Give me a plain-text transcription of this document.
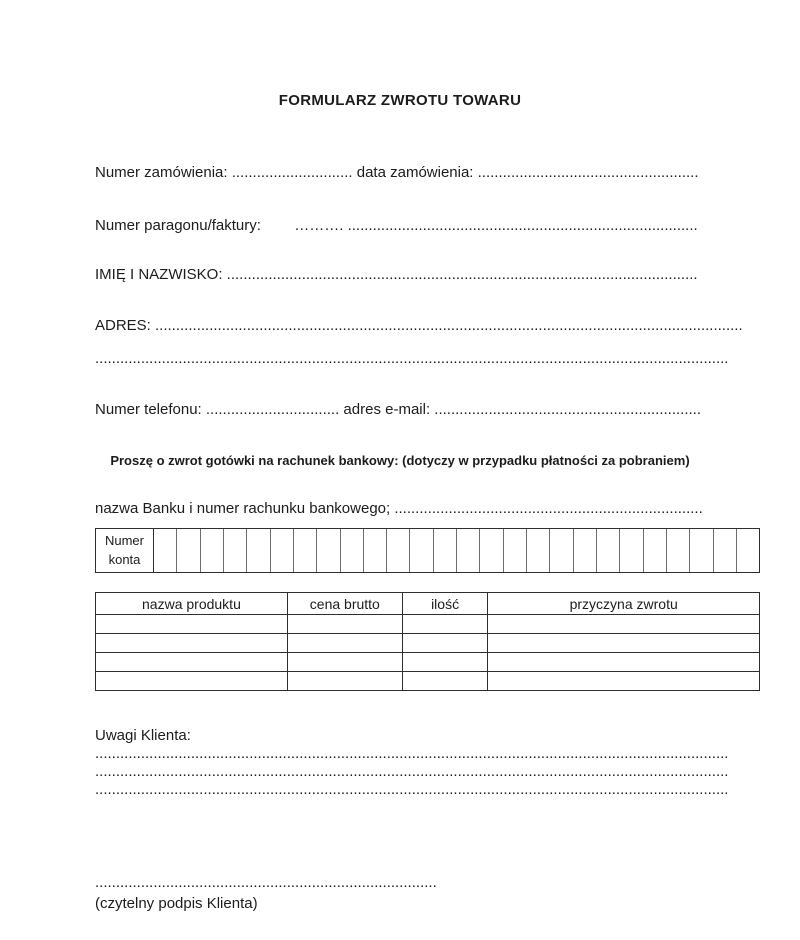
FORMULARZ ZWROTU TOWARU
Numer zamówienia: ............................. data zamówienia: .....................................................
Numer paragonu/faktury:        ………. ....................................................................................
IMIĘ I NAZWISKO: .................................................................................................................
ADRES: .............................................................................................................................................
........................................................................................................................................................
Numer telefonu: ................................ adres e-mail: ................................................................
Proszę o zwrot gotówki na rachunek bankowy: (dotyczy w przypadku płatności za pobraniem)
nazwa Banku i numer rachunku bankowego; ..........................................................................
Numer konta
nazwa produktu	cena brutto	ilość	przyczyna zwrotu

Uwagi Klienta:
........................................................................................................................................................
........................................................................................................................................................
........................................................................................................................................................
..................................................................................
(czytelny podpis Klienta)
